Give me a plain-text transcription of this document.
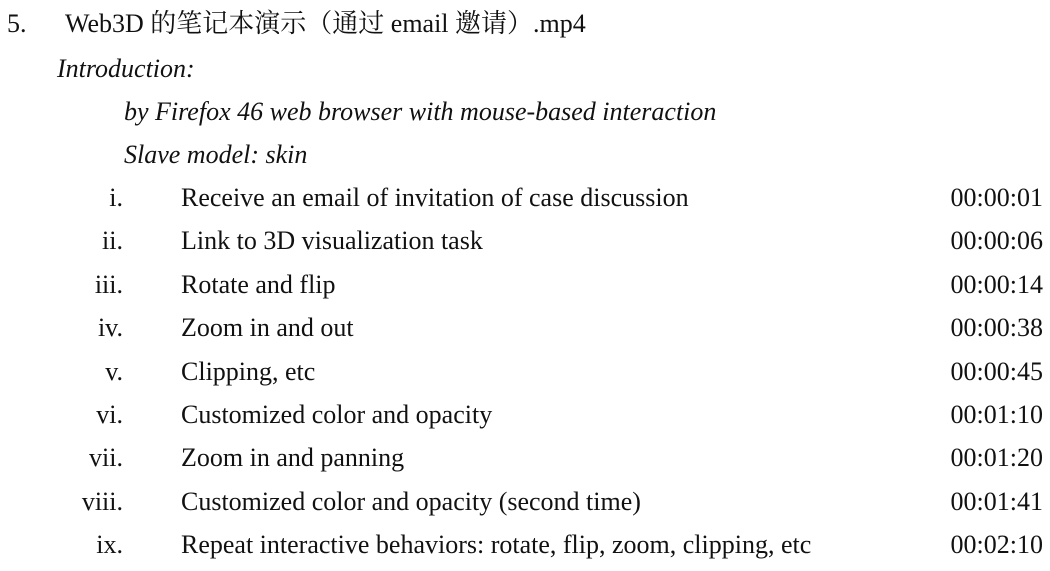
5. Web3D 的笔记本演示（通过 email 邀请）.mp4
Introduction:
by Firefox 46 web browser with mouse-based interaction
Slave model: skin
i. Receive an email of invitation of case discussion	00:00:01
ii. Link to 3D visualization task	00:00:06
iii. Rotate and flip	00:00:14
iv. Zoom in and out	00:00:38
v. Clipping, etc	00:00:45
vi. Customized color and opacity	00:01:10
vii. Zoom in and panning	00:01:20
viii. Customized color and opacity (second time)	00:01:41
ix. Repeat interactive behaviors: rotate, flip, zoom, clipping, etc	00:02:10
